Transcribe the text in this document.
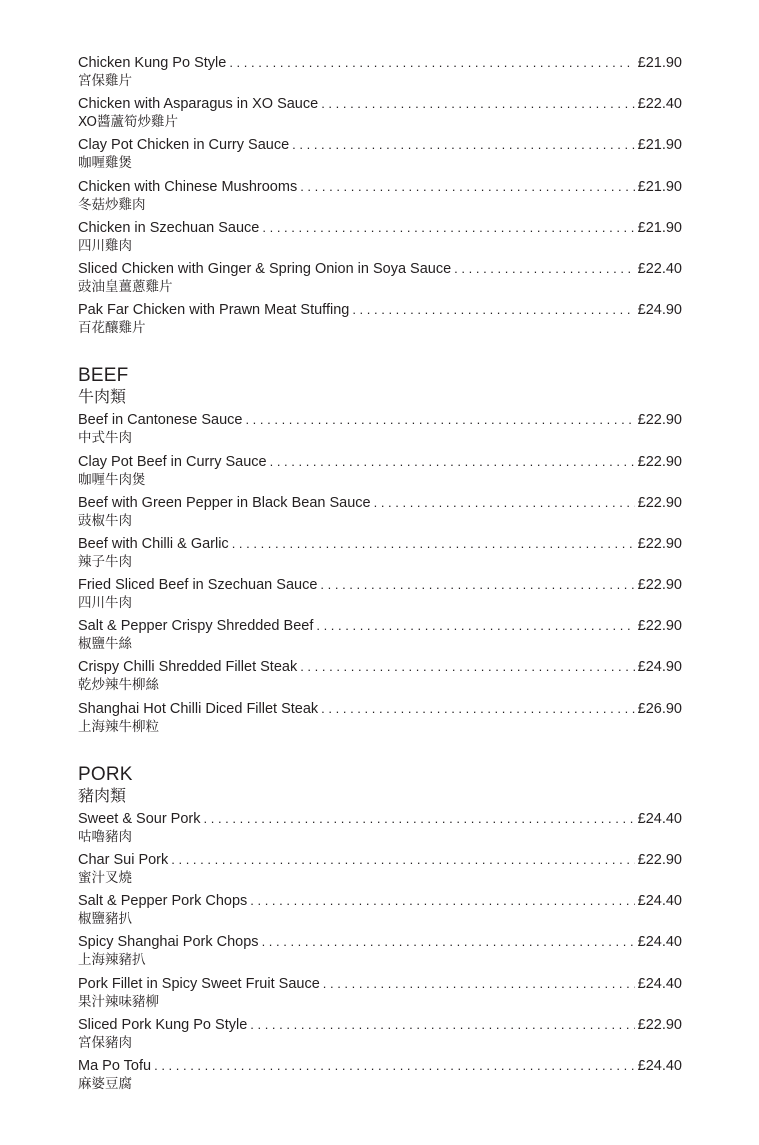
Chicken Kung Po Style . . .	£21.90
宮保雞片
Chicken with Asparagus in XO Sauce . . .	£22.40
XO醬蘆筍炒雞片
Clay Pot Chicken in Curry Sauce . . .	£21.90
咖喱雞煲
Chicken with Chinese Mushrooms . . .	£21.90
冬菇炒雞肉
Chicken in Szechuan Sauce . . .	£21.90
四川雞肉
Sliced Chicken with Ginger & Spring Onion in Soya Sauce . . .	£22.40
豉油皇薑蔥雞片
Pak Far Chicken with Prawn Meat Stuffing . . .	£24.90
百花釀雞片
BEEF
牛肉類
Beef in Cantonese Sauce . . .	£22.90
中式牛肉
Clay Pot Beef in Curry Sauce . . .	£22.90
咖喱牛肉煲
Beef with Green Pepper in Black Bean Sauce . . .	£22.90
豉椒牛肉
Beef with Chilli & Garlic . . .	£22.90
辣子牛肉
Fried Sliced Beef in Szechuan Sauce . . .	£22.90
四川牛肉
Salt & Pepper Crispy Shredded Beef . . .	£22.90
椒鹽牛絲
Crispy Chilli Shredded Fillet Steak . . .	£24.90
乾炒辣牛柳絲
Shanghai Hot Chilli Diced Fillet Steak . . .	£26.90
上海辣牛柳粒
PORK
豬肉類
Sweet & Sour Pork . . .	£24.40
咕嚕豬肉
Char Sui Pork . . .	£22.90
蜜汁叉燒
Salt & Pepper Pork Chops . . .	£24.40
椒鹽豬扒
Spicy Shanghai Pork Chops . . .	£24.40
上海辣豬扒
Pork Fillet in Spicy Sweet Fruit Sauce . . .	£24.40
果汁辣味豬柳
Sliced Pork Kung Po Style . . .	£22.90
宮保豬肉
Ma Po Tofu . . .	£24.40
麻婆豆腐
